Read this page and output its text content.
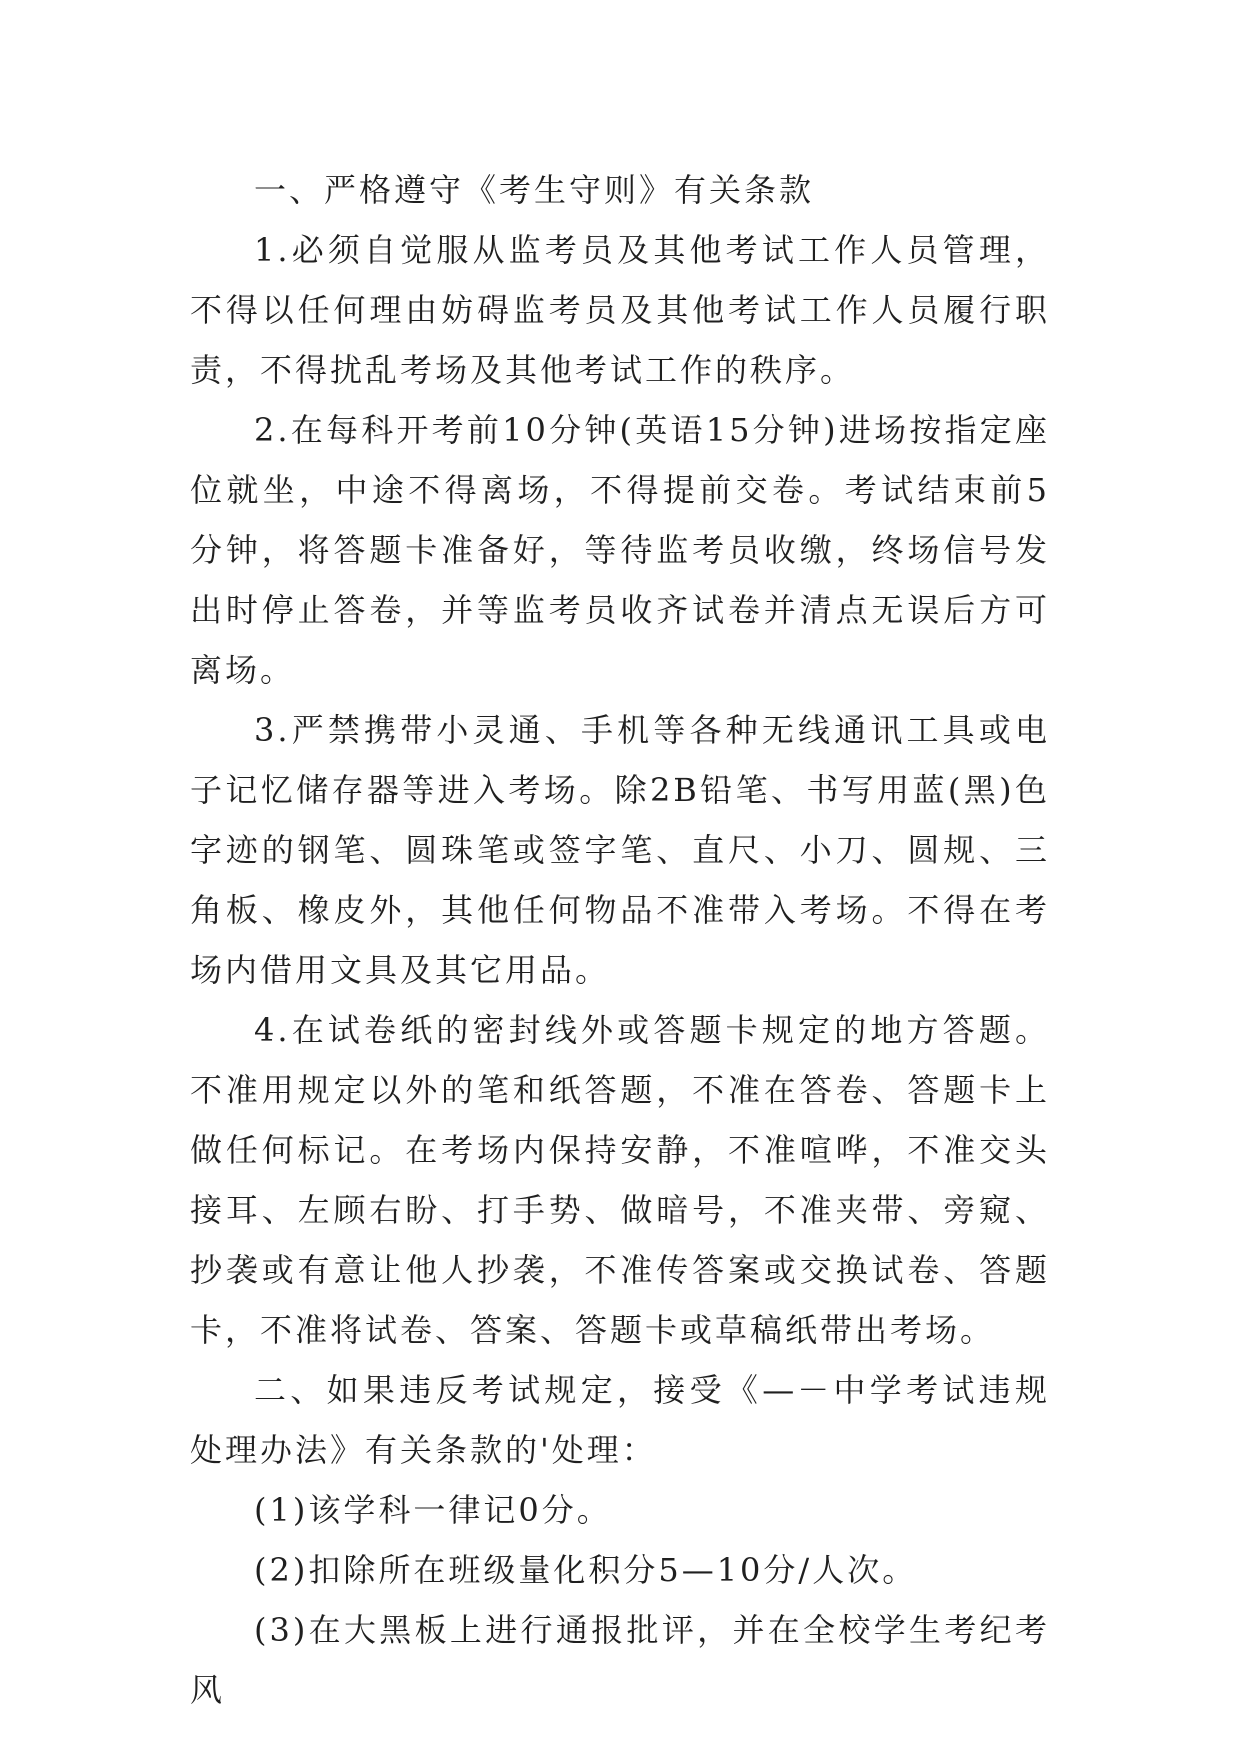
一、严格遵守《考生守则》有关条款

1.必须自觉服从监考员及其他考试工作人员管理，不得以任何理由妨碍监考员及其他考试工作人员履行职责，不得扰乱考场及其他考试工作的秩序。

2.在每科开考前10分钟(英语15分钟)进场按指定座位就坐，中途不得离场，不得提前交卷。考试结束前5分钟，将答题卡准备好，等待监考员收缴，终场信号发出时停止答卷，并等监考员收齐试卷并清点无误后方可离场。

3.严禁携带小灵通、手机等各种无线通讯工具或电子记忆储存器等进入考场。除2B铅笔、书写用蓝(黑)色字迹的钢笔、圆珠笔或签字笔、直尺、小刀、圆规、三角板、橡皮外，其他任何物品不准带入考场。不得在考场内借用文具及其它用品。

4.在试卷纸的密封线外或答题卡规定的地方答题。不准用规定以外的笔和纸答题，不准在答卷、答题卡上做任何标记。在考场内保持安静，不准喧哗，不准交头接耳、左顾右盼、打手势、做暗号，不准夹带、旁窥、抄袭或有意让他人抄袭，不准传答案或交换试卷、答题卡，不准将试卷、答案、答题卡或草稿纸带出考场。

二、如果违反考试规定，接受《—－中学考试违规处理办法》有关条款的'处理：

(1)该学科一律记0分。

(2)扣除所在班级量化积分5—10分/人次。

(3)在大黑板上进行通报批评，并在全校学生考纪考风
